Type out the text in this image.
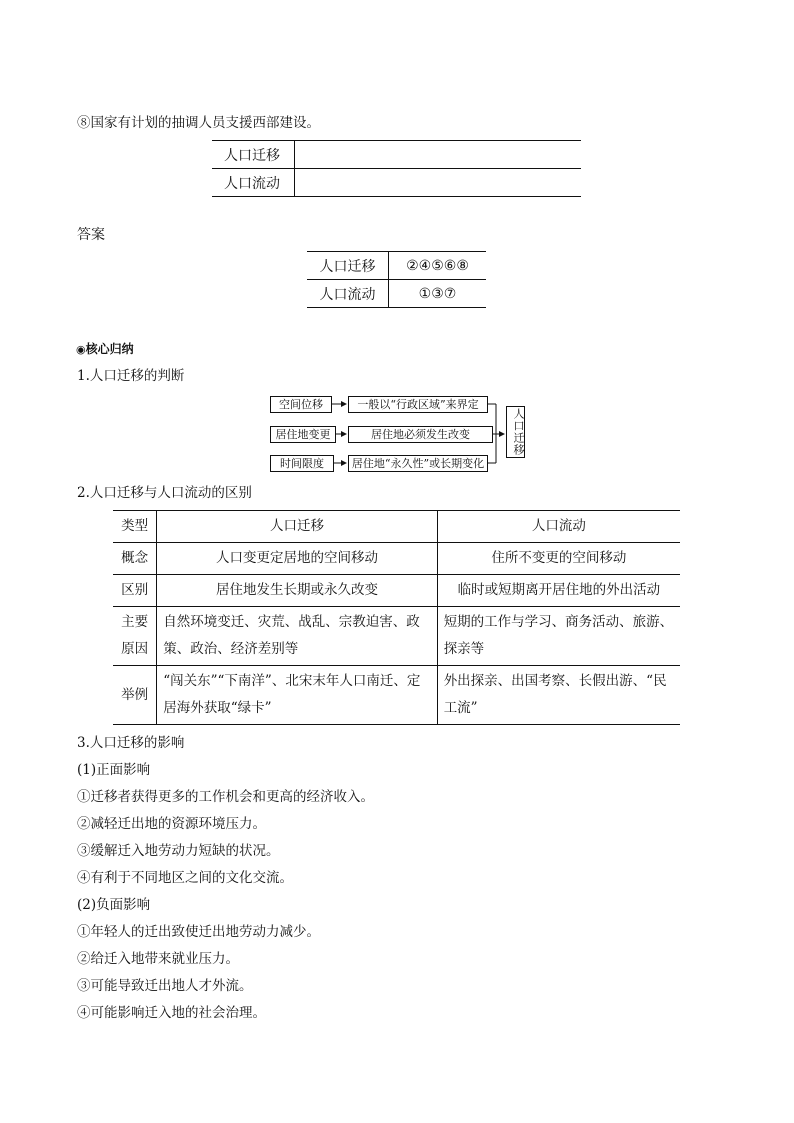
⑧国家有计划的抽调人员支援西部建设。
人口迁移	
人口流动	
答案
人口迁移	②④⑤⑥⑧
人口流动	①③⑦
◉核心归纳
1.人口迁移的判断
空间位移
居住地变更
时间限度
一般以“行政区域”来界定
居住地必须发生改变
居住地“永久性”或长期变化
人口迁移
2.人口迁移与人口流动的区别
类型	人口迁移	人口流动
概念	人口变更定居地的空间移动	住所不变更的空间移动
区别	居住地发生长期或永久改变	临时或短期离开居住地的外出活动
主要原因	自然环境变迁、灾荒、战乱、宗教迫害、政策、政治、经济差别等	短期的工作与学习、商务活动、旅游、探亲等
举例	“闯关东”“下南洋”、北宋末年人口南迁、定居海外获取“绿卡”	外出探亲、出国考察、长假出游、“民工流”
3.人口迁移的影响
(1)正面影响
①迁移者获得更多的工作机会和更高的经济收入。
②减轻迁出地的资源环境压力。
③缓解迁入地劳动力短缺的状况。
④有利于不同地区之间的文化交流。
(2)负面影响
①年轻人的迁出致使迁出地劳动力减少。
②给迁入地带来就业压力。
③可能导致迁出地人才外流。
④可能影响迁入地的社会治理。
